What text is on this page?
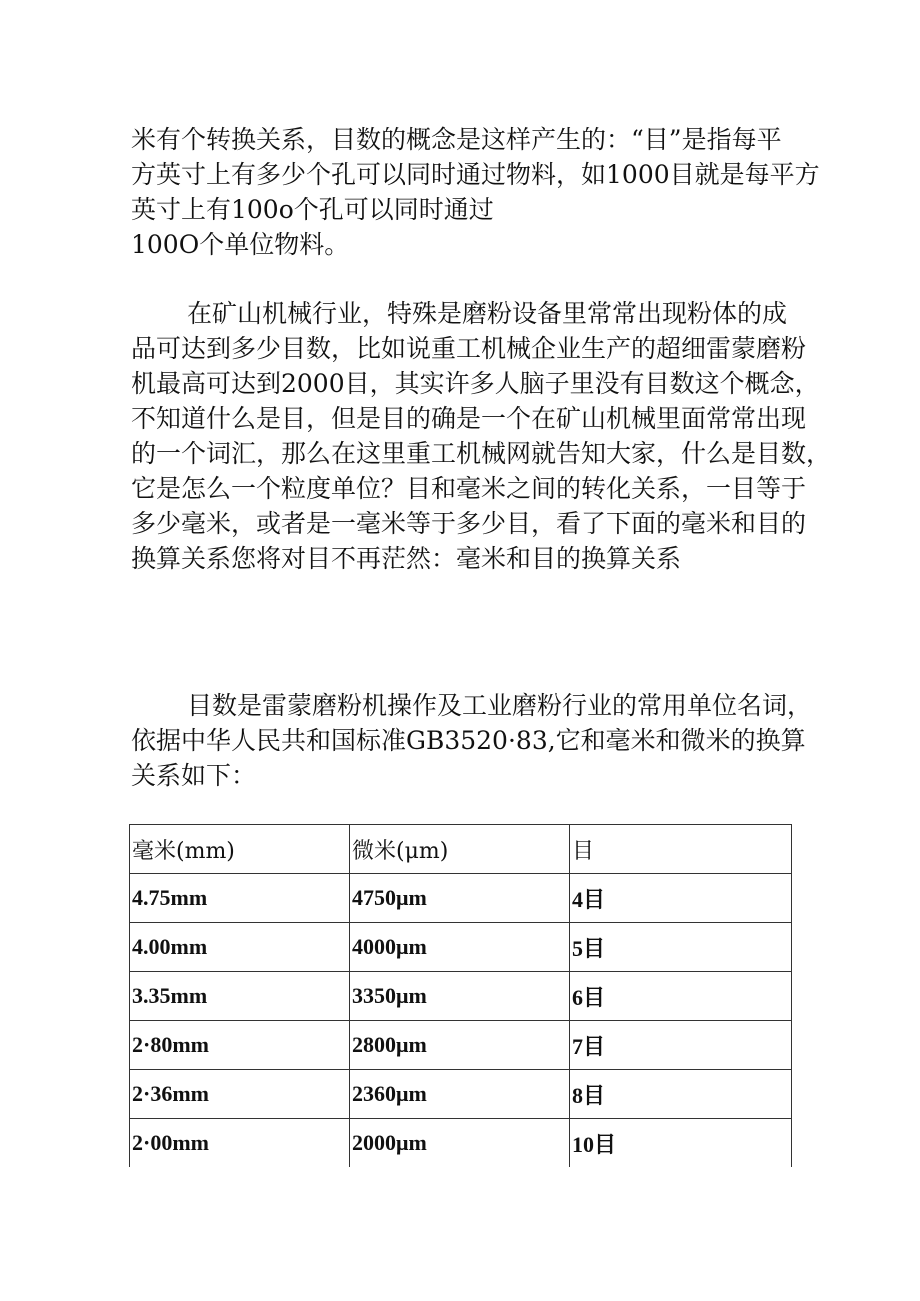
米有个转换关系，目数的概念是这样产生的：“目”是指每平
方英寸上有多少个孔可以同时通过物料，如1000目就是每平方
英寸上有100o个孔可以同时通过
100O个单位物料。
在矿山机械行业，特殊是磨粉设备里常常出现粉体的成
品可达到多少目数，比如说重工机械企业生产的超细雷蒙磨粉
机最高可达到2000目，其实许多人脑子里没有目数这个概念，
不知道什么是目，但是目的确是一个在矿山机械里面常常出现
的一个词汇，那么在这里重工机械网就告知大家，什么是目数，
它是怎么一个粒度单位？目和毫米之间的转化关系，一目等于
多少毫米，或者是一毫米等于多少目，看了下面的毫米和目的
换算关系您将对目不再茫然：毫米和目的换算关系
目数是雷蒙磨粉机操作及工业磨粉行业的常用单位名词，
依据中华人民共和国标准GB3520·83,它和毫米和微米的换算
关系如下：
毫米(mm)	微米(μm)	目
4.75mm	4750μm	4目
4.00mm	4000μm	5目
3.35mm	3350μm	6目
2·80mm	2800μm	7目
2·36mm	2360μm	8目
2·00mm	2000μm	10目
